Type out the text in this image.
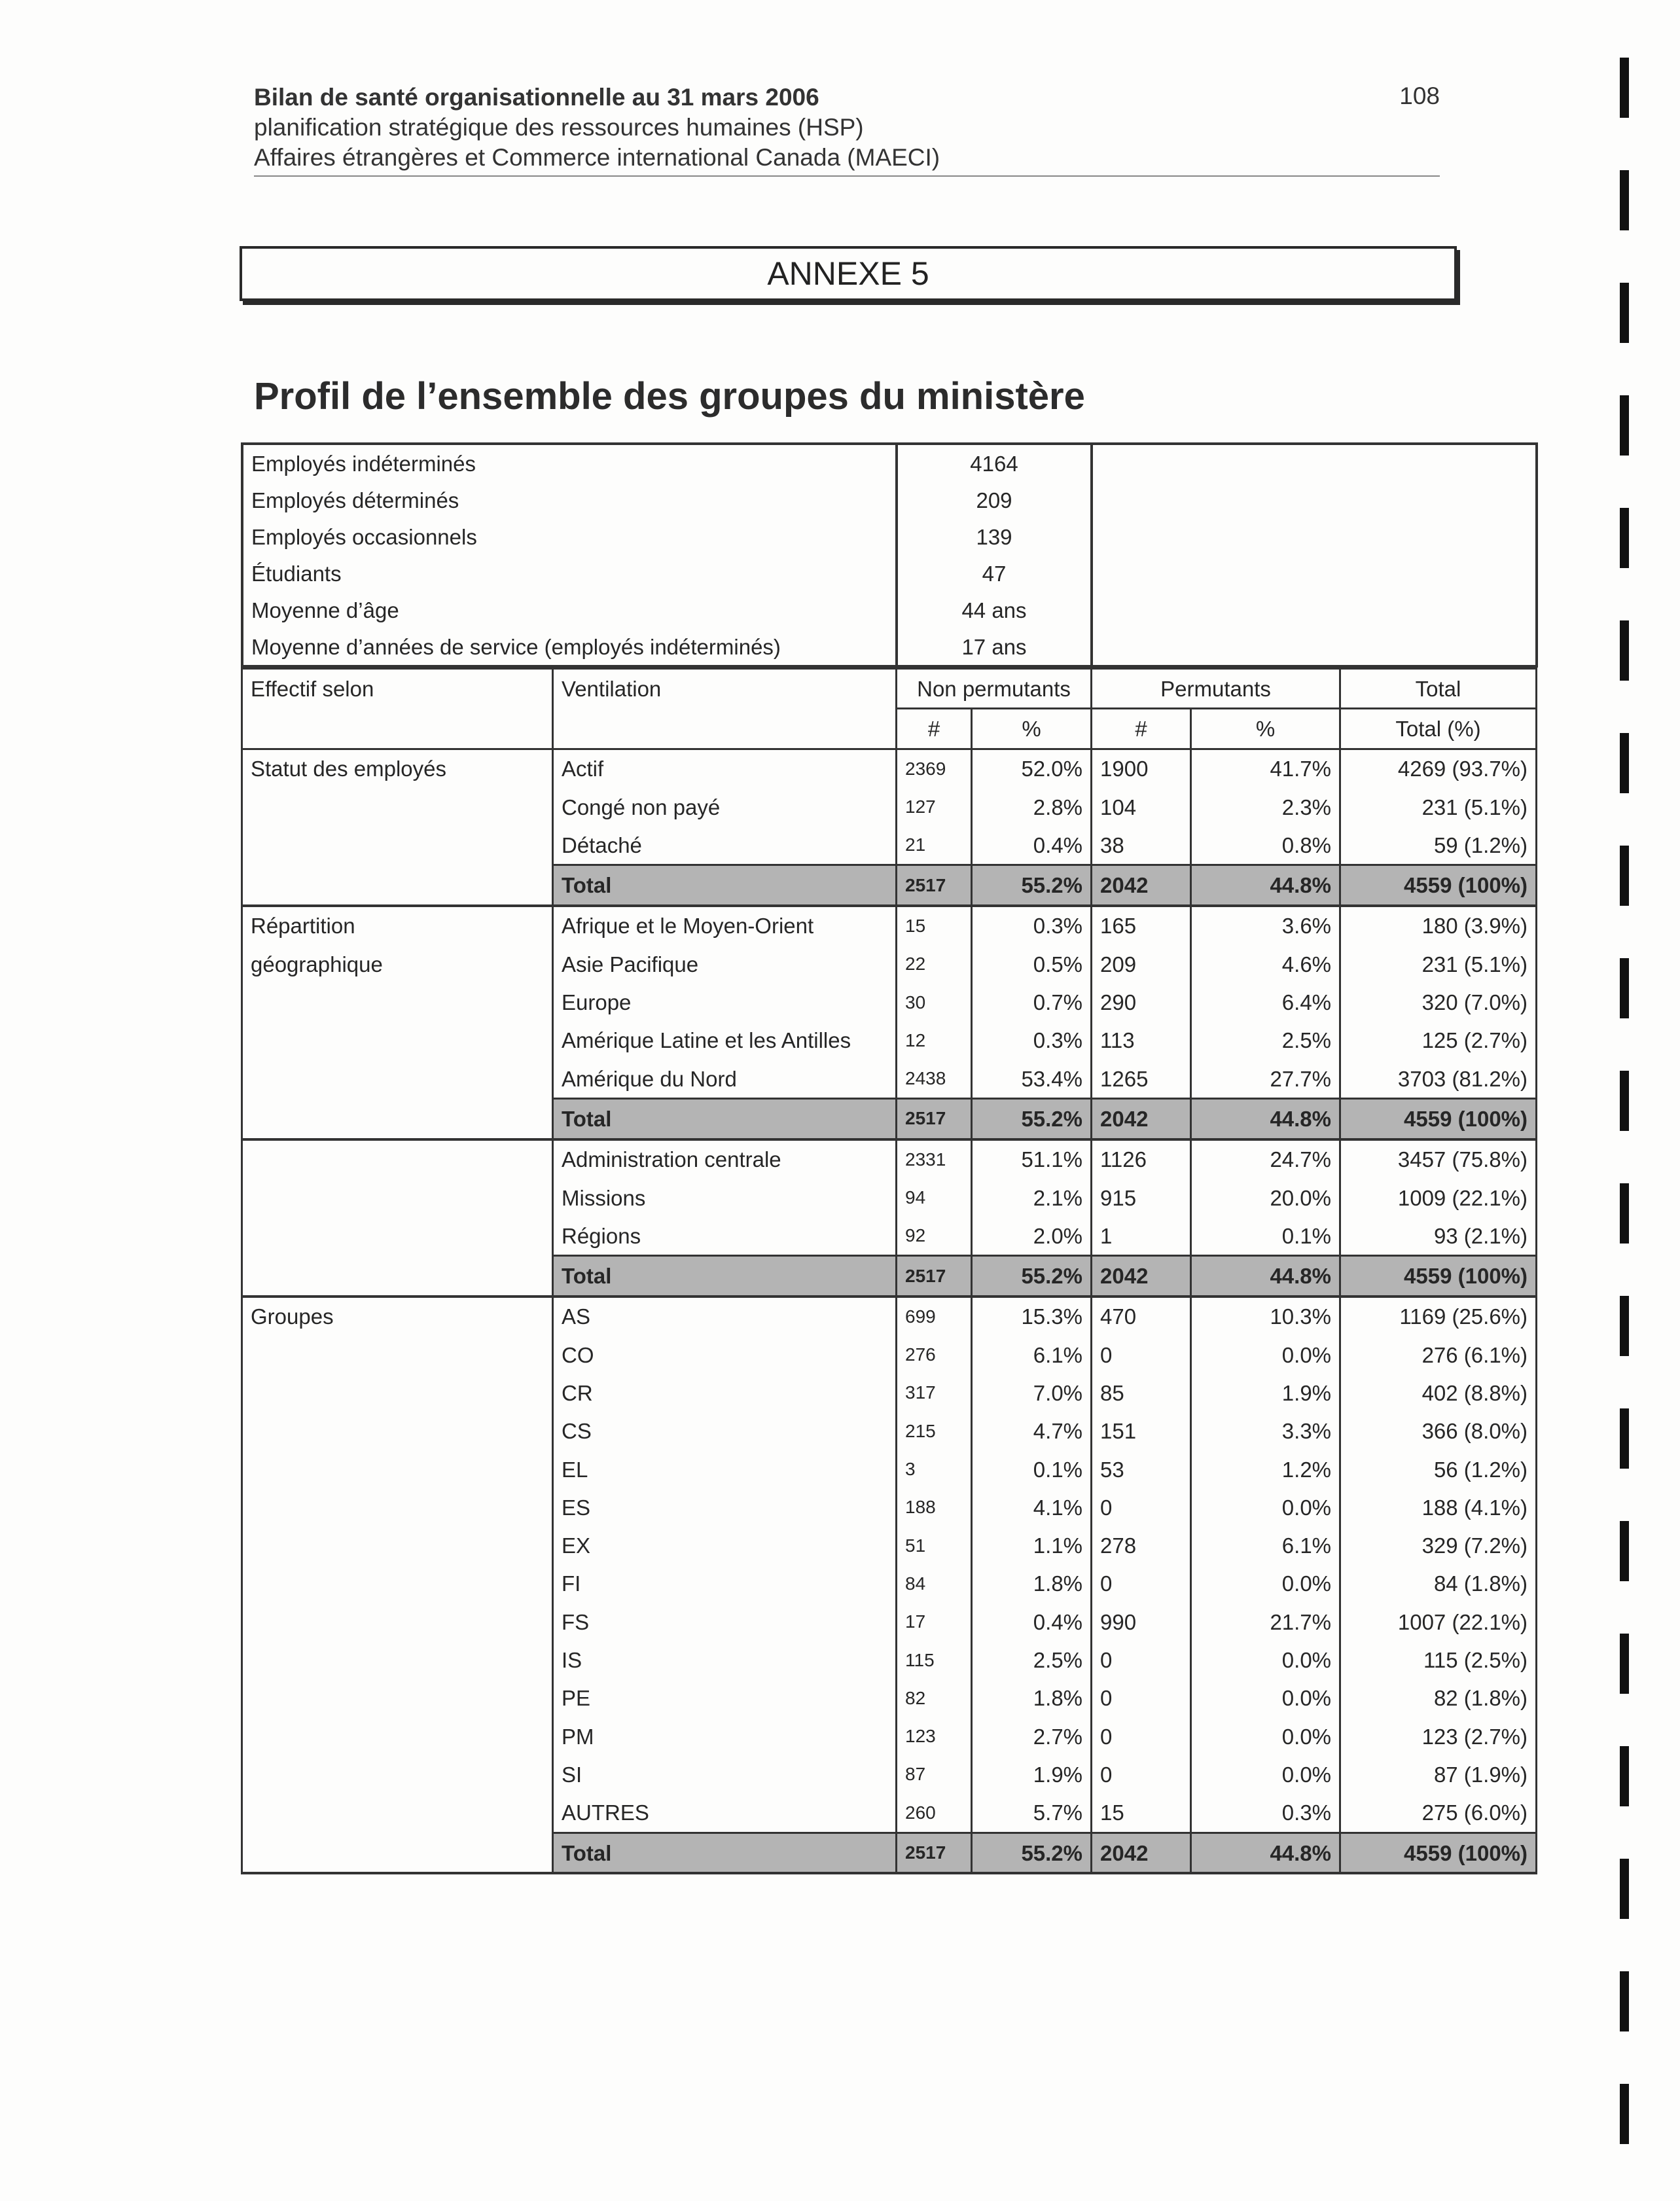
Bilan de santé organisationnelle au 31 mars 2006
planification stratégique des ressources humaines (HSP)
Affaires étrangères et Commerce international Canada (MAECI)
108
ANNEXE 5
Profil de l’ensemble des groupes du ministère
Employés indéterminés	4164	
Employés déterminés	209	
Employés occasionnels	139	
Étudiants	47	
Moyenne d’âge	44 ans	
Moyenne d’années de service (employés indéterminés)	17 ans	
Effectif selon	Ventilation	Non permutants		Permutants		Total
		#	%	#	%	Total (%)
Statut des employés	Actif	2369	52.0%	1900	41.7%	4269 (93.7%)
	Congé non payé	127	2.8%	104	2.3%	231 (5.1%)
	Détaché	21	0.4%	38	0.8%	59 (1.2%)
	Total	2517	55.2%	2042	44.8%	4559 (100%)
Répartition	Afrique et le Moyen-Orient	15	0.3%	165	3.6%	180 (3.9%)
géographique	Asie Pacifique	22	0.5%	209	4.6%	231 (5.1%)
	Europe	30	0.7%	290	6.4%	320 (7.0%)
	Amérique Latine et les Antilles	12	0.3%	113	2.5%	125 (2.7%)
	Amérique du Nord	2438	53.4%	1265	27.7%	3703 (81.2%)
	Total	2517	55.2%	2042	44.8%	4559 (100%)
	Administration centrale	2331	51.1%	1126	24.7%	3457 (75.8%)
	Missions	94	2.1%	915	20.0%	1009 (22.1%)
	Régions	92	2.0%	1	0.1%	93 (2.1%)
	Total	2517	55.2%	2042	44.8%	4559 (100%)
Groupes	AS	699	15.3%	470	10.3%	1169 (25.6%)
	CO	276	6.1%	0	0.0%	276 (6.1%)
	CR	317	7.0%	85	1.9%	402 (8.8%)
	CS	215	4.7%	151	3.3%	366 (8.0%)
	EL	3	0.1%	53	1.2%	56 (1.2%)
	ES	188	4.1%	0	0.0%	188 (4.1%)
	EX	51	1.1%	278	6.1%	329 (7.2%)
	FI	84	1.8%	0	0.0%	84 (1.8%)
	FS	17	0.4%	990	21.7%	1007 (22.1%)
	IS	115	2.5%	0	0.0%	115 (2.5%)
	PE	82	1.8%	0	0.0%	82 (1.8%)
	PM	123	2.7%	0	0.0%	123 (2.7%)
	SI	87	1.9%	0	0.0%	87 (1.9%)
	AUTRES	260	5.7%	15	0.3%	275 (6.0%)
	Total	2517	55.2%	2042	44.8%	4559 (100%)
